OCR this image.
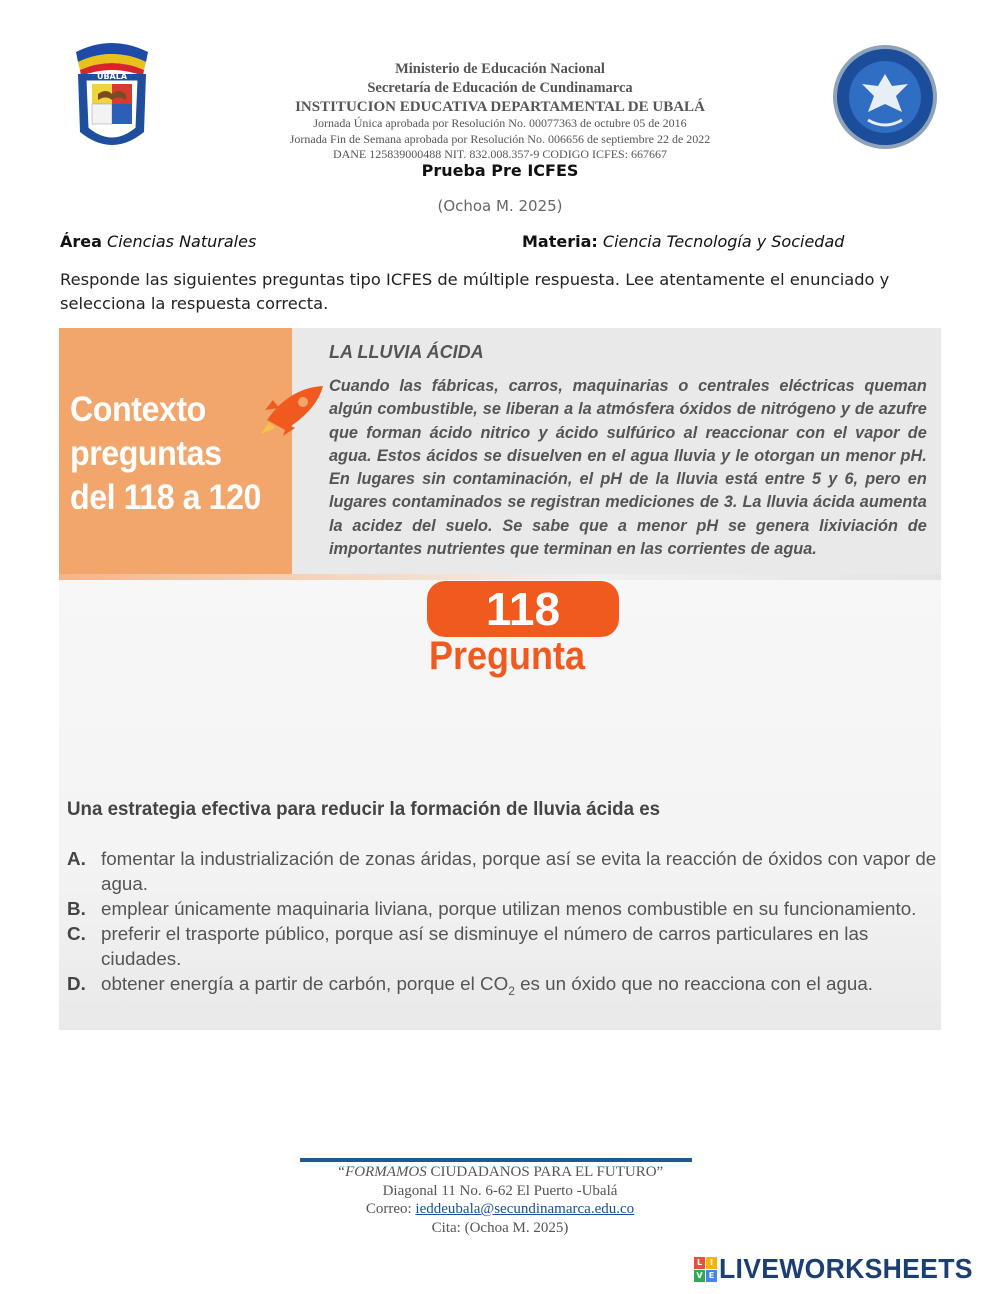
UBALÁ	Ministerio de Educación Nacional
Secretaría de Educación de Cundinamarca
INSTITUCION EDUCATIVA DEPARTAMENTAL DE UBALÁ
Jornada Única aprobada por Resolución No. 00077363 de octubre 05 de 2016
Jornada Fin de Semana aprobada por Resolución No. 006656 de septiembre 22 de 2022
DANE 125839000488 NIT. 832.008.357-9 CODIGO ICFES: 667667
Prueba Pre ICFES
(Ochoa M. 2025)
Área Ciencias Naturales	Materia: Ciencia Tecnología y Sociedad
Responde las siguientes preguntas tipo ICFES de múltiple respuesta. Lee atentamente el enunciado y selecciona la respuesta correcta.
Contexto
preguntas
del 118 a 120
LA LLUVIA ÁCIDA
Cuando las fábricas, carros, maquinarias o centrales eléctricas queman algún combustible, se liberan a la atmósfera óxidos de nitrógeno y de azufre que forman ácido nitrico y ácido sulfúrico al reaccionar con el vapor de agua. Estos ácidos se disuelven en el agua lluvia y le otorgan un menor pH. En lugares sin contaminación, el pH de la lluvia está entre 5 y 6, pero en lugares contaminados se registran mediciones de 3. La lluvia ácida aumenta la acidez del suelo. Se sabe que a menor pH se genera lixiviación de importantes nutrientes que terminan en las corrientes de agua.
118
Pregunta
Una estrategia efectiva para reducir la formación de lluvia ácida es
A. fomentar la industrialización de zonas áridas, porque así se evita la reacción de óxidos con vapor de agua.
B. emplear únicamente maquinaria liviana, porque utilizan menos combustible en su funcionamiento.
C. preferir el trasporte público, porque así se disminuye el número de carros particulares en las ciudades.
D. obtener energía a partir de carbón, porque el $CO_2$ es un óxido que no reacciona con el agua.
“FORMAMOS CIUDADANOS PARA EL FUTURO”
Diagonal 11 No. 6-62 El Puerto -Ubalá
Correo: ieddeubala@secundinamarca.edu.co
Cita: (Ochoa M. 2025)
L I
V E LIVEWORKSHEETS
